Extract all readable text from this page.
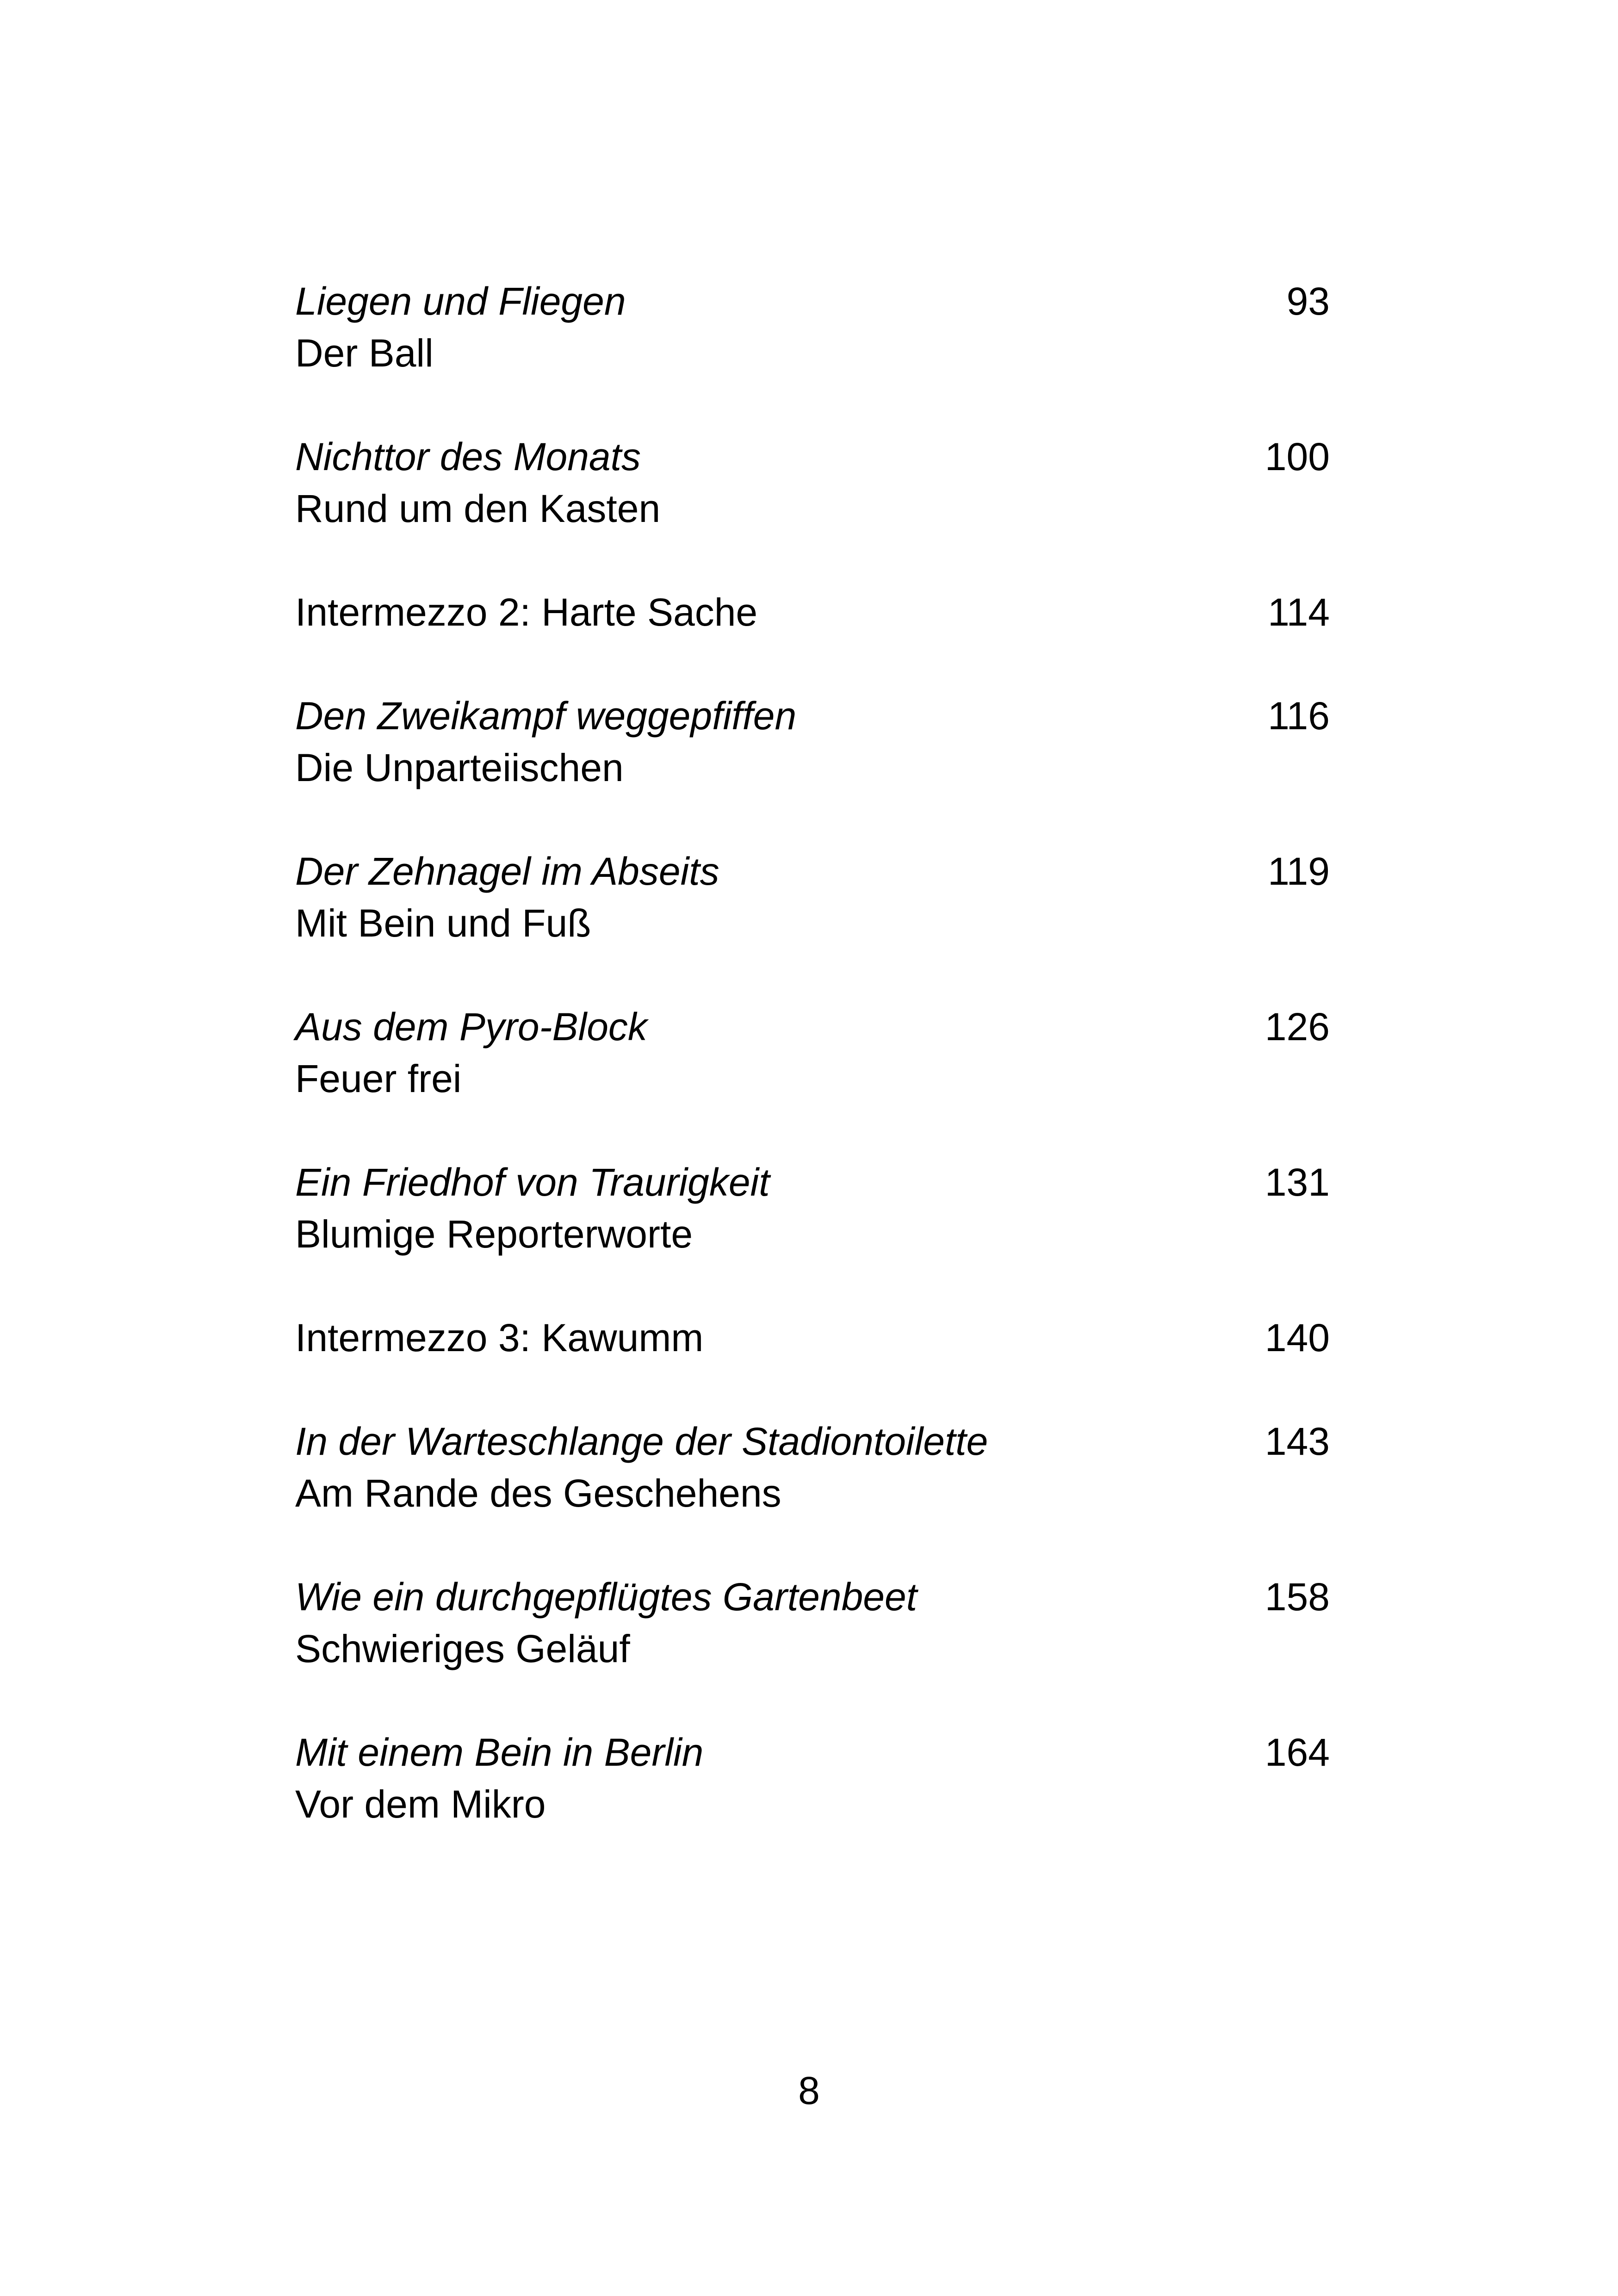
Liegen und Fliegen	93
Der Ball
Nichttor des Monats	100
Rund um den Kasten
Intermezzo 2: Harte Sache	114
Den Zweikampf weggepfiffen	116
Die Unparteiischen
Der Zehnagel im Abseits	119
Mit Bein und Fuß
Aus dem Pyro-Block	126
Feuer frei
Ein Friedhof von Traurigkeit	131
Blumige Reporterworte
Intermezzo 3: Kawumm	140
In der Warteschlange der Stadiontoilette	143
Am Rande des Geschehens
Wie ein durchgepflügtes Gartenbeet	158
Schwieriges Geläuf
Mit einem Bein in Berlin	164
Vor dem Mikro
8
